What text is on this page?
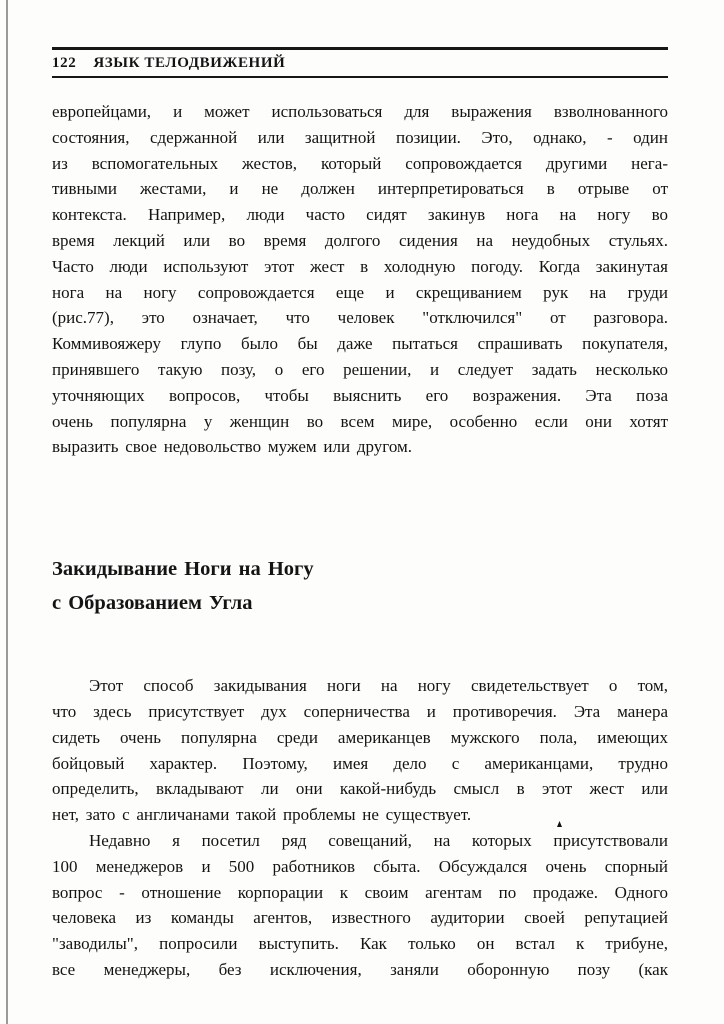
122 ЯЗЫК ТЕЛОДВИЖЕНИЙ
европейцами, и может использоваться для выражения взволнованного
состояния, сдержанной или защитной позиции. Это, однако, - один
из вспомогательных жестов, который сопровождается другими нега-
тивными жестами, и не должен интерпретироваться в отрыве от
контекста. Например, люди часто сидят закинув нога на ногу во
время лекций или во время долгого сидения на неудобных стульях.
Часто люди используют этот жест в холодную погоду. Когда закинутая
нога на ногу сопровождается еще и скрещиванием рук на груди
(рис.77), это означает, что человек "отключился" от разговора.
Коммивояжеру глупо было бы даже пытаться спрашивать покупателя,
принявшего такую позу, о его решении, и следует задать несколько
уточняющих вопросов, чтобы выяснить его возражения. Эта поза
очень популярна у женщин во всем мире, особенно если они хотят
выразить свое недовольство мужем или другом.
Закидывание Ноги на Ногу
с Образованием Угла
Этот способ закидывания ноги на ногу свидетельствует о том,
что здесь присутствует дух соперничества и противоречия. Эта манера
сидеть очень популярна среди американцев мужского пола, имеющих
бойцовый характер. Поэтому, имея дело с американцами, трудно
определить, вкладывают ли они какой-нибудь смысл в этот жест или
нет, зато с англичанами такой проблемы не существует.
Недавно я посетил ряд совещаний, на которых присутствовали
100 менеджеров и 500 работников сбыта. Обсуждался очень спорный
вопрос - отношение корпорации к своим агентам по продаже. Одного
человека из команды агентов, известного аудитории своей репутацией
"заводилы", попросили выступить. Как только он встал к трибуне,
все менеджеры, без исключения, заняли оборонную позу (как
